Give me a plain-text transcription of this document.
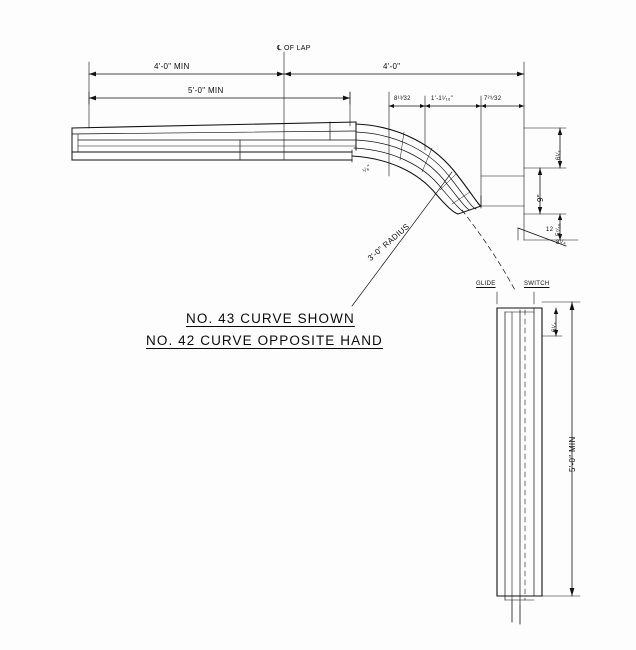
℄ OF LAP
4'-0" MIN	4'-0"
5'-0" MIN
8¹³⁄32	1'-1¹⁄₁₆"	7²⁹⁄32
¹⁄₈"
6¹⁄₂
9"
5⁷⁄₁₆
12
8¹⁄₄
3'-0" RADIUS
GLIDE	SWITCH
6¹⁄₄
5'-0" MIN
NO. 43 CURVE SHOWN
NO. 42 CURVE OPPOSITE HAND
